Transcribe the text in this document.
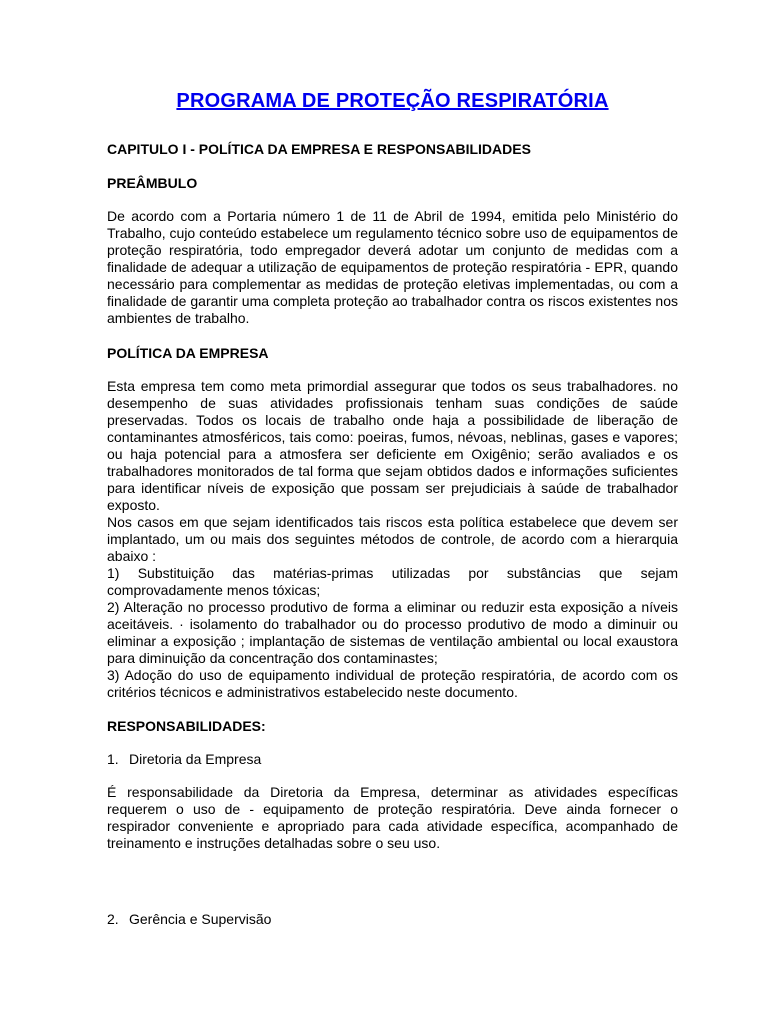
PROGRAMA DE PROTEÇÃO RESPIRATÓRIA
CAPITULO I - POLÍTICA DA EMPRESA E RESPONSABILIDADES
PREÂMBULO
De acordo com a Portaria número 1 de 11 de Abril de 1994, emitida pelo Ministério do Trabalho, cujo conteúdo estabelece um regulamento técnico sobre uso de equipamentos de proteção respiratória, todo empregador deverá adotar um conjunto de medidas com a finalidade de adequar a utilização de equipamentos de proteção respiratória - EPR, quando necessário para complementar as medidas de proteção eletivas implementadas, ou com a finalidade de garantir uma completa proteção ao trabalhador contra os riscos existentes nos ambientes de trabalho.
POLÍTICA DA EMPRESA
Esta empresa tem como meta primordial assegurar que todos os seus trabalhadores. no desempenho de suas atividades profissionais tenham suas condições de saúde preservadas. Todos os locais de trabalho onde haja a possibilidade de liberação de contaminantes atmosféricos, tais como: poeiras, fumos, névoas, neblinas, gases e vapores; ou haja potencial para a atmosfera ser deficiente em Oxigênio; serão avaliados e os trabalhadores monitorados de tal forma que sejam obtidos dados e informações suficientes para identificar níveis de exposição que possam ser prejudiciais à saúde de trabalhador exposto.
Nos casos em que sejam identificados tais riscos esta política estabelece que devem ser implantado, um ou mais dos seguintes métodos de controle, de acordo com a hierarquia abaixo :
1) Substituição das matérias-primas utilizadas por substâncias que sejam comprovadamente menos tóxicas;
2) Alteração no processo produtivo de forma a eliminar ou reduzir esta exposição a níveis aceitáveis. · isolamento do trabalhador ou do processo produtivo de modo a diminuir ou eliminar a exposição ; implantação de sistemas de ventilação ambiental ou local exaustora para diminuição da concentração dos contaminastes;
3) Adoção do uso de equipamento individual de proteção respiratória, de acordo com os critérios técnicos e administrativos estabelecido neste documento.
RESPONSABILIDADES:
1. Diretoria da Empresa
É responsabilidade da Diretoria da Empresa, determinar as atividades específicas requerem o uso de - equipamento de proteção respiratória. Deve ainda fornecer o respirador conveniente e apropriado para cada atividade específica, acompanhado de treinamento e instruções detalhadas sobre o seu uso.
2. Gerência e Supervisão
